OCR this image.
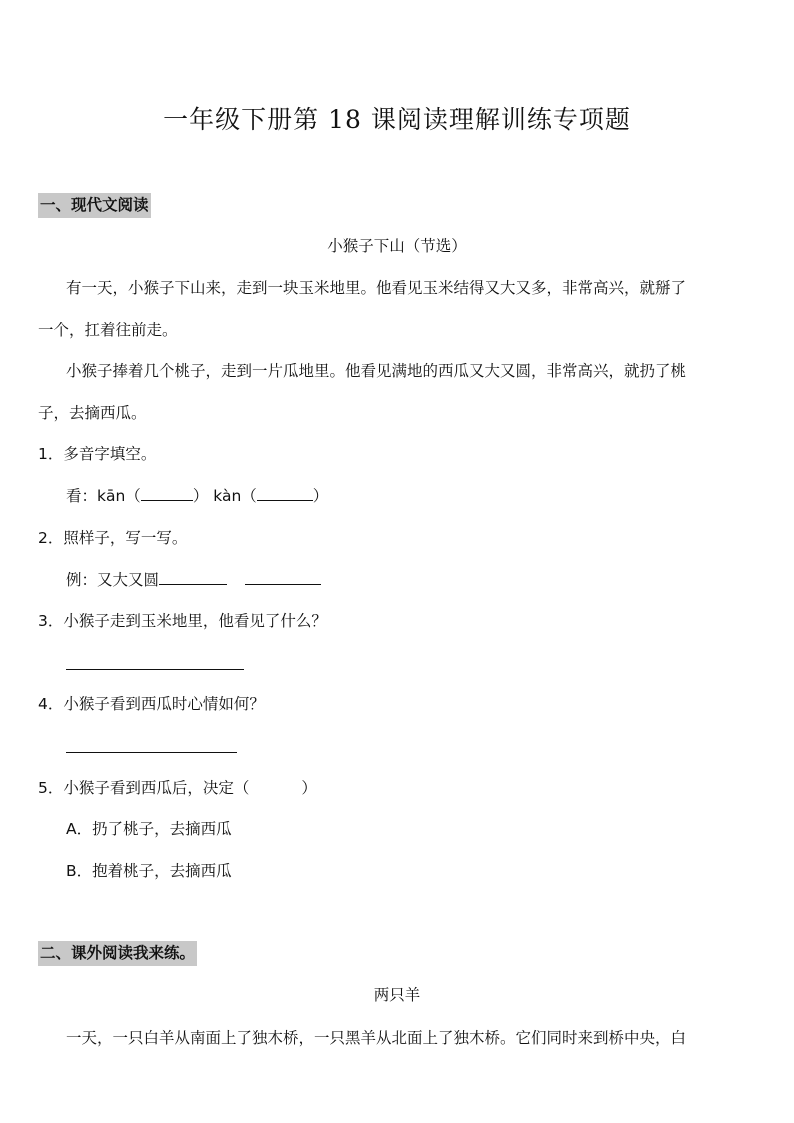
一年级下册第 18 课阅读理解训练专项题
一、现代文阅读
小猴子下山（节选）
有一天，小猴子下山来，走到一块玉米地里。他看见玉米结得又大又多，非常高兴，就掰了
一个，扛着往前走。
小猴子捧着几个桃子，走到一片瓜地里。他看见满地的西瓜又大又圆，非常高兴，就扔了桃
子，去摘西瓜。
1．多音字填空。
看：kān（	） kàn（	）
2．照样子，写一写。
例：又大又圆
3．小猴子走到玉米地里，他看见了什么？
4．小猴子看到西瓜时心情如何？
5．小猴子看到西瓜后，决定（	）
A．扔了桃子，去摘西瓜
B．抱着桃子，去摘西瓜
二、课外阅读我来练。
两只羊
一天，一只白羊从南面上了独木桥，一只黑羊从北面上了独木桥。它们同时来到桥中央，白
